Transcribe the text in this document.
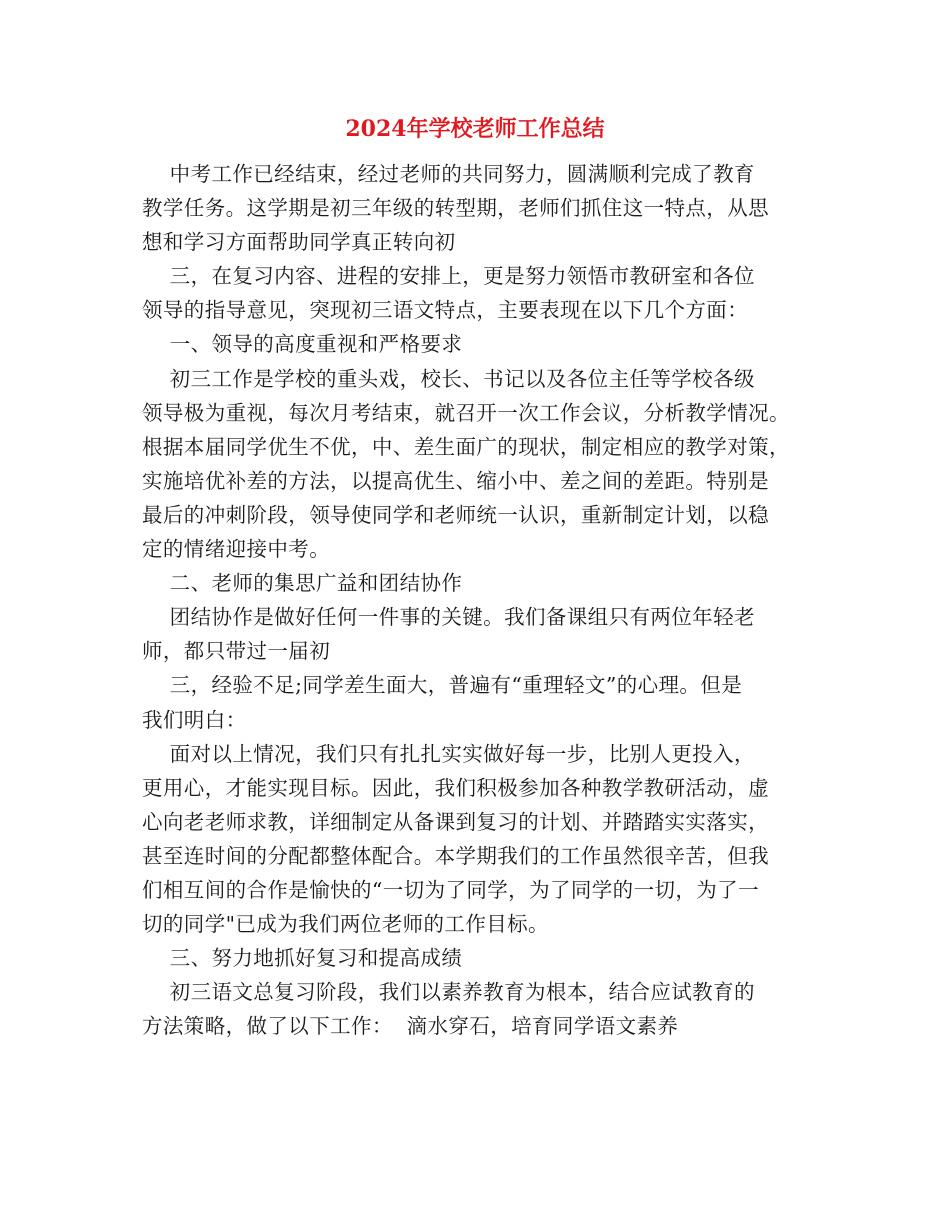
2024年学校老师工作总结
中考工作已经结束，经过老师的共同努力，圆满顺利完成了教育
教学任务。这学期是初三年级的转型期，老师们抓住这一特点，从思
想和学习方面帮助同学真正转向初
三，在复习内容、进程的安排上，更是努力领悟市教研室和各位
领导的指导意见，突现初三语文特点，主要表现在以下几个方面：
一、领导的高度重视和严格要求
初三工作是学校的重头戏，校长、书记以及各位主任等学校各级
领导极为重视，每次月考结束，就召开一次工作会议，分析教学情况。
根据本届同学优生不优，中、差生面广的现状，制定相应的教学对策，
实施培优补差的方法，以提高优生、缩小中、差之间的差距。特别是
最后的冲刺阶段，领导使同学和老师统一认识，重新制定计划，以稳
定的情绪迎接中考。
二、老师的集思广益和团结协作
团结协作是做好任何一件事的关键。我们备课组只有两位年轻老
师，都只带过一届初
三，经验不足;同学差生面大，普遍有“重理轻文”的心理。但是
我们明白：
面对以上情况，我们只有扎扎实实做好每一步，比别人更投入，
更用心，才能实现目标。因此，我们积极参加各种教学教研活动，虚
心向老老师求教，详细制定从备课到复习的计划、并踏踏实实落实，
甚至连时间的分配都整体配合。本学期我们的工作虽然很辛苦，但我
们相互间的合作是愉快的“一切为了同学，为了同学的一切，为了一
切的同学"已成为我们两位老师的工作目标。
三、努力地抓好复习和提高成绩
初三语文总复习阶段，我们以素养教育为根本，结合应试教育的
方法策略，做了以下工作：  滴水穿石，培育同学语文素养
